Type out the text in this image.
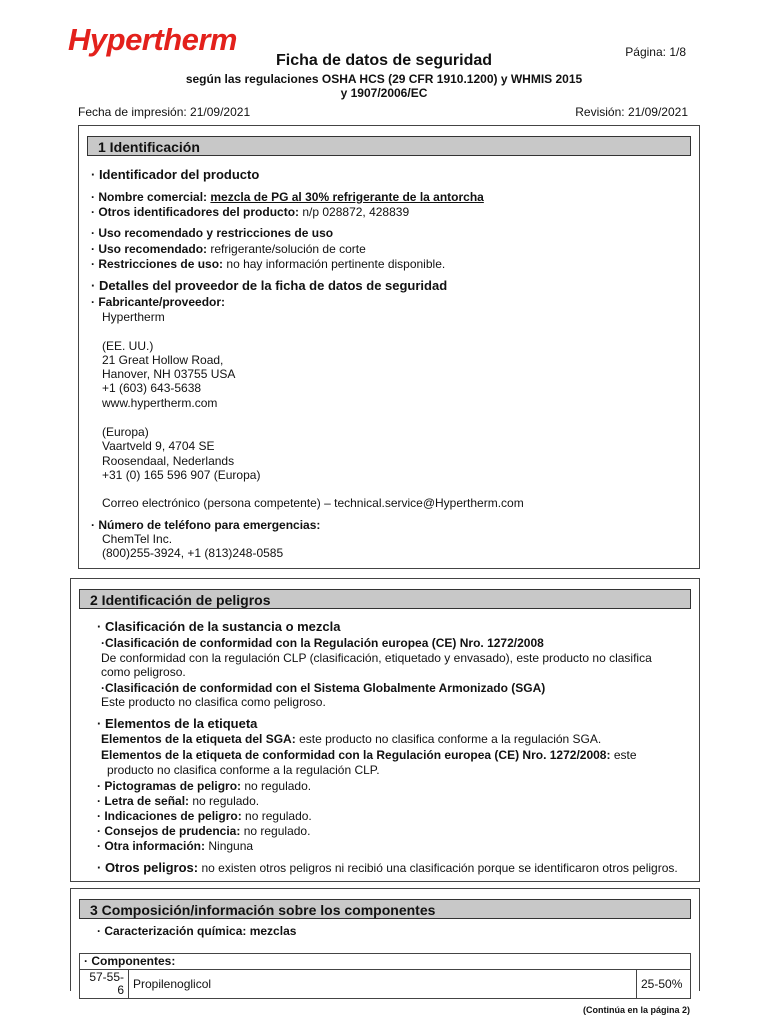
Hypertherm
Ficha de datos de seguridad
según las regulaciones OSHA HCS (29 CFR 1910.1200) y WHMIS 2015
y 1907/2006/EC
Página: 1/8
Fecha de impresión: 21/09/2021	Revisión: 21/09/2021
1 Identificación
· Identificador del producto
· Nombre comercial: mezcla de PG al 30% refrigerante de la antorcha
· Otros identificadores del producto: n/p 028872, 428839
· Uso recomendado y restricciones de uso
· Uso recomendado: refrigerante/solución de corte
· Restricciones de uso: no hay información pertinente disponible.
· Detalles del proveedor de la ficha de datos de seguridad
· Fabricante/proveedor:
Hypertherm
(EE. UU.)
21 Great Hollow Road,
Hanover, NH 03755 USA
+1 (603) 643-5638
www.hypertherm.com
(Europa)
Vaartveld 9, 4704 SE
Roosendaal, Nederlands
+31 (0) 165 596 907 (Europa)
Correo electrónico (persona competente) – technical.service@Hypertherm.com
· Número de teléfono para emergencias:
ChemTel Inc.
(800)255-3924, +1 (813)248-0585
2 Identificación de peligros
· Clasificación de la sustancia o mezcla
·Clasificación de conformidad con la Regulación europea (CE) Nro. 1272/2008
De conformidad con la regulación CLP (clasificación, etiquetado y envasado), este producto no clasifica
como peligroso.
·Clasificación de conformidad con el Sistema Globalmente Armonizado (SGA)
Este producto no clasifica como peligroso.
· Elementos de la etiqueta
Elementos de la etiqueta del SGA: este producto no clasifica conforme a la regulación SGA.
Elementos de la etiqueta de conformidad con la Regulación europea (CE) Nro. 1272/2008: este
producto no clasifica conforme a la regulación CLP.
· Pictogramas de peligro: no regulado.
· Letra de señal: no regulado.
· Indicaciones de peligro: no regulado.
· Consejos de prudencia: no regulado.
· Otra información: Ninguna
· Otros peligros: no existen otros peligros ni recibió una clasificación porque se identificaron otros peligros.
3 Composición/información sobre los componentes
· Caracterización química: mezclas
· Componentes:
57-55-6	Propilenoglicol	25-50%
(Continúa en la página 2)
